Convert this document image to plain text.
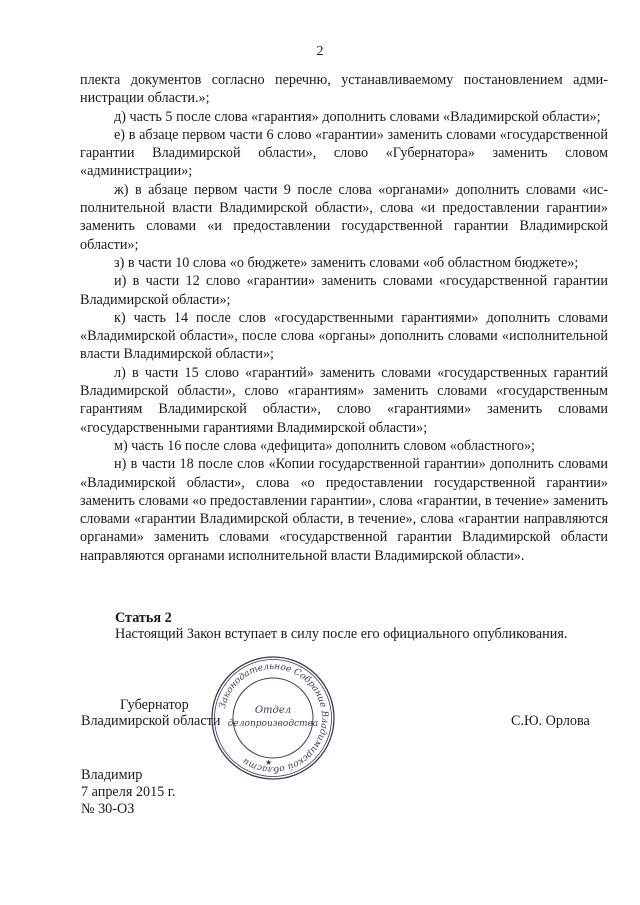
2

плекта документов согласно перечню, устанавливаемому постановлением администрации области.»;

д) часть 5 после слова «гарантия» дополнить словами «Владимирской области»;

е) в абзаце первом части 6 слово «гарантии» заменить словами «государственной гарантии Владимирской области», слово «Губернатора» заменить словом «администрации»;

ж) в абзаце первом части 9 после слова «органами» дополнить словами «исполнительной власти Владимирской области», слова «и предоставлении гарантии» заменить словами «и предоставлении государственной гарантии Владимирской области»;

з) в части 10 слова «о бюджете» заменить словами «об областном бюджете»;

и) в части 12 слово «гарантии» заменить словами «государственной гарантии Владимирской области»;

к) часть 14 после слов «государственными гарантиями» дополнить словами «Владимирской области», после слова «органы» дополнить словами «исполнительной власти Владимирской области»;

л) в части 15 слово «гарантий» заменить словами «государственных гарантий Владимирской области», слово «гарантиям» заменить словами «государственным гарантиям Владимирской области», слово «гарантиями» заменить словами «государственными гарантиями Владимирской области»;

м) часть 16 после слова «дефицита» дополнить словом «областного»;

н) в части 18 после слов «Копии государственной гарантии» дополнить словами «Владимирской области», слова «о предоставлении государственной гарантии» заменить словами «о предоставлении гарантии», слова «гарантии, в течение» заменить словами «гарантии Владимирской области, в течение», слова «гарантии направляются органами» заменить словами «государственной гарантии Владимирской области направляются органами исполнительной власти Владимирской области».

Статья 2
Настоящий Закон вступает в силу после его официального опубликования.
Губернатор
Владимирской области	С.Ю. Орлова
Владимир
7 апреля 2015 г.
№ 30-ОЗ
Законодательное Собрание Владимирской области
Отдел
делопроизводства
★
